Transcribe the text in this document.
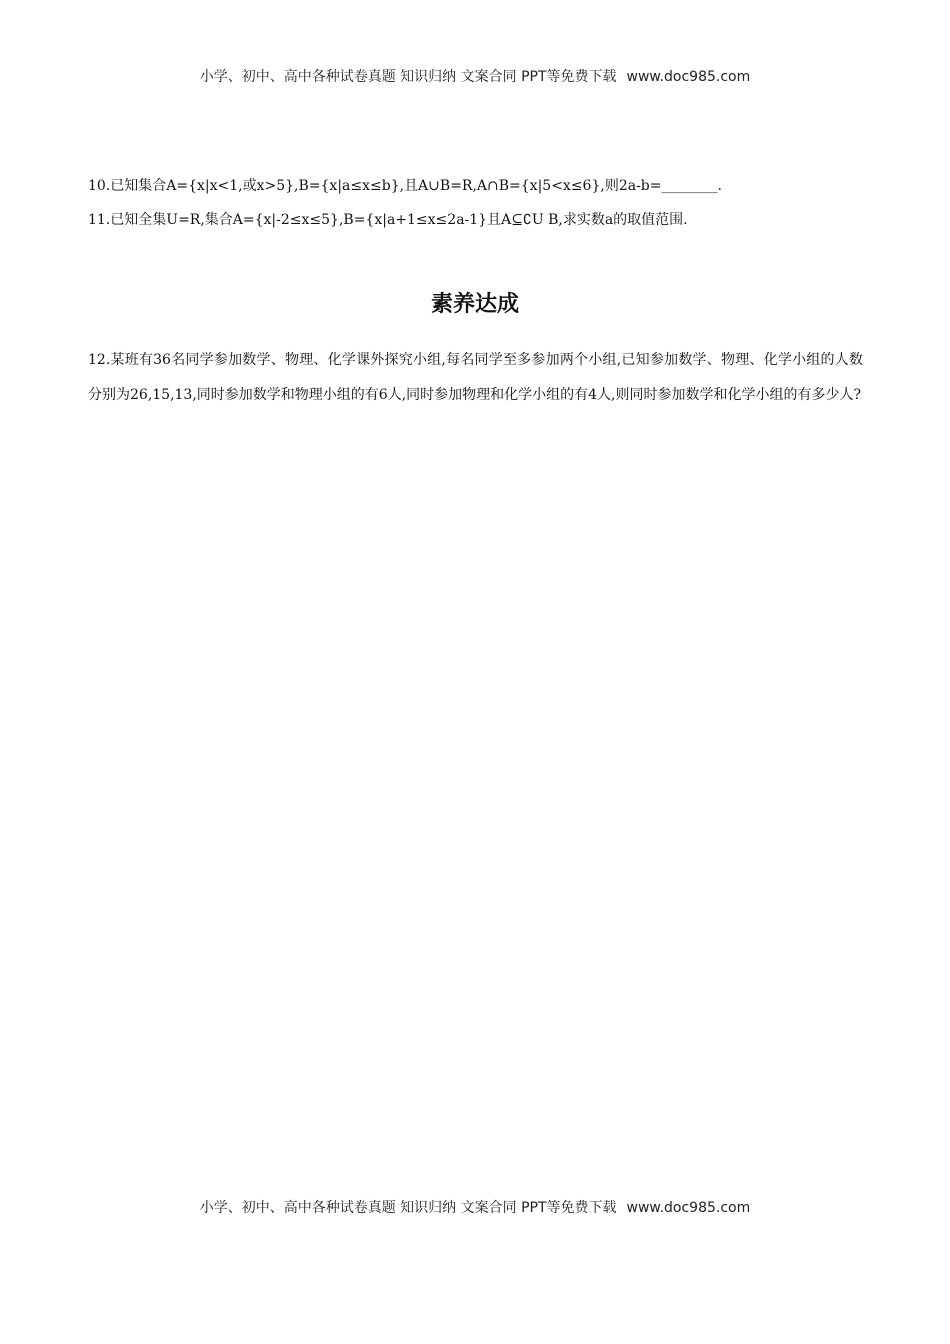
小学、初中、高中各种试卷真题 知识归纳 文案合同 PPT等免费下载 www.doc985.com
10.已知集合A={x|x<1,或x>5},B={x|a≤x≤b},且A∪B=R,A∩B={x|5<x≤6},则2a-b=________.
11.已知全集U=R,集合A={x|-2≤x≤5},B={x|a+1≤x≤2a-1}且A⊆∁U B,求实数a的取值范围.
素养达成
12.某班有36名同学参加数学、物理、化学课外探究小组,每名同学至多参加两个小组,已知参加数学、物理、化学小组的人数分别为26,15,13,同时参加数学和物理小组的有6人,同时参加物理和化学小组的有4人,则同时参加数学和化学小组的有多少人?
小学、初中、高中各种试卷真题 知识归纳 文案合同 PPT等免费下载 www.doc985.com
